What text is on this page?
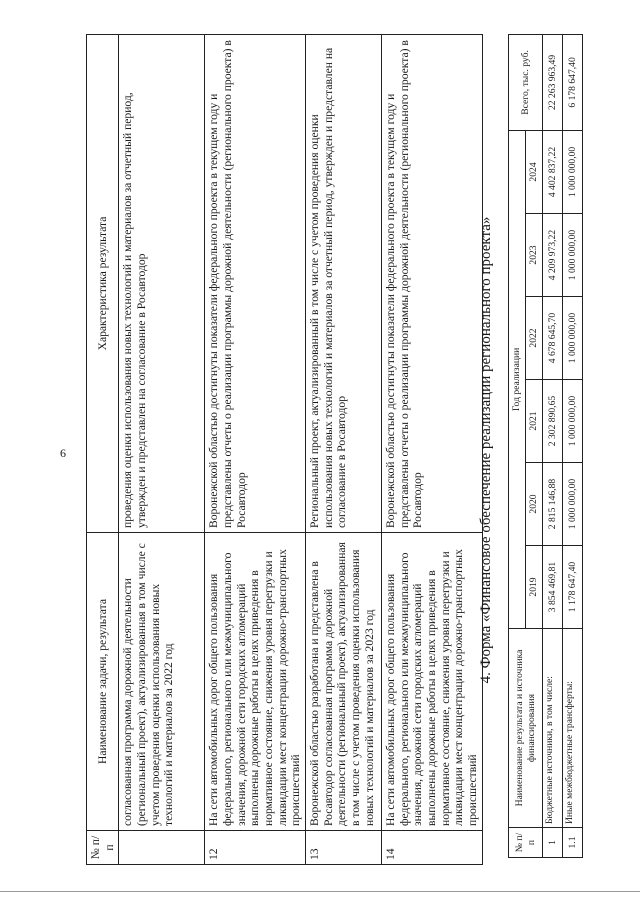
6
№ п/п	Наименование задачи, результата	Характеристика результата
	согласованная программа дорожной деятельности (региональный проект), актуализированная в том числе с учетом проведения оценки использования новых технологий и материалов за 2022 год	проведения оценки использования новых технологий и материалов за отчетный период, утвержден и представлен на согласование в Росавтодор
12	На сети автомобильных дорог общего пользования федерального, регионального или межмуниципального значения, дорожной сети городских агломераций выполнены дорожные работы в целях приведения в нормативное состояние, снижения уровня перегрузки и ликвидации мест концентрации дорожно-транспортных происшествий	Воронежской областью достигнуты показатели федерального проекта в текущем году и представлены отчеты о реализации программы дорожной деятельности (регионального проекта) в Росавтодор
13	Воронежской областью разработана и представлена в Росавтодор согласованная программа дорожной деятельности (региональный проект), актуализированная в том числе с учетом проведения оценки использования новых технологий и материалов за 2023 год	Региональный проект, актуализированный в том числе с учетом проведения оценки использования новых технологий и материалов за отчетный период, утвержден и представлен на согласование в Росавтодор
14	На сети автомобильных дорог общего пользования федерального, регионального или межмуниципального значения, дорожной сети городских агломераций выполнены дорожные работы в целях приведения в нормативное состояние, снижения уровня перегрузки и ликвидации мест концентрации дорожно-транспортных происшествий	Воронежской областью достигнуты показатели федерального проекта в текущем году и представлены отчеты о реализации программы дорожной деятельности (регионального проекта) в Росавтодор	4. Форма «Финансовое обеспечение реализации регионального проекта»
№ п/п	Наименование результата и источника финансирования	Год реализации						Всего, тыс. руб.
		2019	2020	2021	2022	2023	2024	
1	Бюджетные источники, в том числе:	3 854 469,81	2 815 146,88	2 302 890,65	4 678 645,70	4 209 973,22	4 402 837,22	22 263 963,49
1.1	Иные межбюджетные трансферты:	1 178 647,40	1 000 000,00	1 000 000,00	1 000 000,00	1 000 000,00	1 000 000,00	6 178 647,40
